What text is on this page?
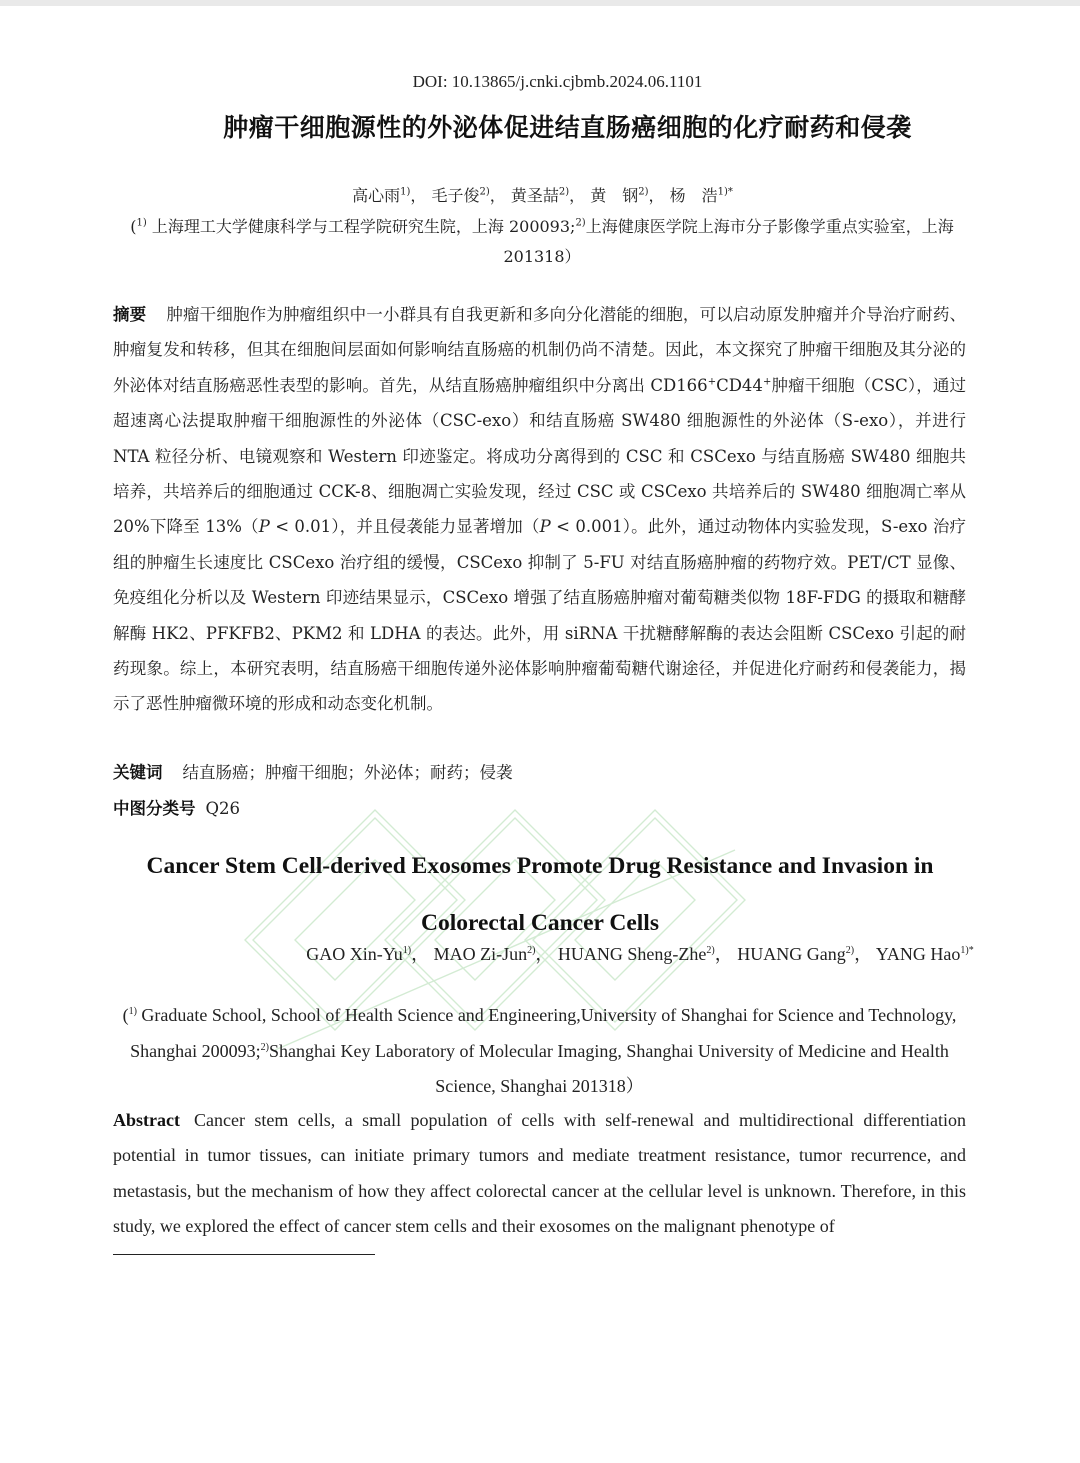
DOI: 10.13865/j.cnki.cjbmb.2024.06.1101
肿瘤干细胞源性的外泌体促进结直肠癌细胞的化疗耐药和侵袭
高心雨$^{1)}$， 毛子俊$^{2)}$， 黄圣喆$^{2)}$， 黄　钢$^{2)}$， 杨　浩$^{1)*}$
($^{1)}$ 上海理工大学健康科学与工程学院研究生院，上海 200093;$^{2)}$上海健康医学院上海市分子影像学重点实验室，上海 201318）
摘要 肿瘤干细胞作为肿瘤组织中一小群具有自我更新和多向分化潜能的细胞，可以启动原发肿瘤并介导治疗耐药、肿瘤复发和转移，但其在细胞间层面如何影响结直肠癌的机制仍尚不清楚。因此，本文探究了肿瘤干细胞及其分泌的外泌体对结直肠癌恶性表型的影响。首先，从结直肠癌肿瘤组织中分离出 CD166+CD44+肿瘤干细胞（CSC），通过超速离心法提取肿瘤干细胞源性的外泌体（CSC-exo）和结直肠癌 SW480 细胞源性的外泌体（S-exo），并进行 NTA 粒径分析、电镜观察和 Western 印迹鉴定。将成功分离得到的 CSC 和 CSCexo 与结直肠癌 SW480 细胞共培养，共培养后的细胞通过 CCK-8、细胞凋亡实验发现，经过 CSC 或 CSCexo 共培养后的 SW480 细胞凋亡率从 20%下降至 13%（P < 0.01），并且侵袭能力显著增加（P < 0.001）。此外，通过动物体内实验发现，S-exo 治疗组的肿瘤生长速度比 CSCexo 治疗组的缓慢，CSCexo 抑制了 5-FU 对结直肠癌肿瘤的药物疗效。PET/CT 显像、免疫组化分析以及 Western 印迹结果显示，CSCexo 增强了结直肠癌肿瘤对葡萄糖类似物 18F-FDG 的摄取和糖酵解酶 HK2、PFKFB2、PKM2 和 LDHA 的表达。此外，用 siRNA 干扰糖酵解酶的表达会阻断 CSCexo 引起的耐药现象。综上，本研究表明，结直肠癌干细胞传递外泌体影响肿瘤葡萄糖代谢途径，并促进化疗耐药和侵袭能力，揭示了恶性肿瘤微环境的形成和动态变化机制。
关键词 结直肠癌；肿瘤干细胞；外泌体；耐药；侵袭
中图分类号 Q26
Cancer Stem Cell-derived Exosomes Promote Drug Resistance and Invasion in Colorectal Cancer Cells
GAO Xin-Yu$^{1)}$， MAO Zi-Jun$^{2)}$， HUANG Sheng-Zhe$^{2)}$， HUANG Gang$^{2)}$， YANG Hao$^{1)*}$
($^{1)}$ Graduate School, School of Health Science and Engineering,University of Shanghai for Science and Technology, Shanghai 200093;$^{2)}$Shanghai Key Laboratory of Molecular Imaging, Shanghai University of Medicine and Health Science, Shanghai 201318）
Abstract Cancer stem cells, a small population of cells with self-renewal and multidirectional differentiation potential in tumor tissues, can initiate primary tumors and mediate treatment resistance, tumor recurrence, and metastasis, but the mechanism of how they affect colorectal cancer at the cellular level is unknown. Therefore, in this study, we explored the effect of cancer stem cells and their exosomes on the malignant phenotype of
